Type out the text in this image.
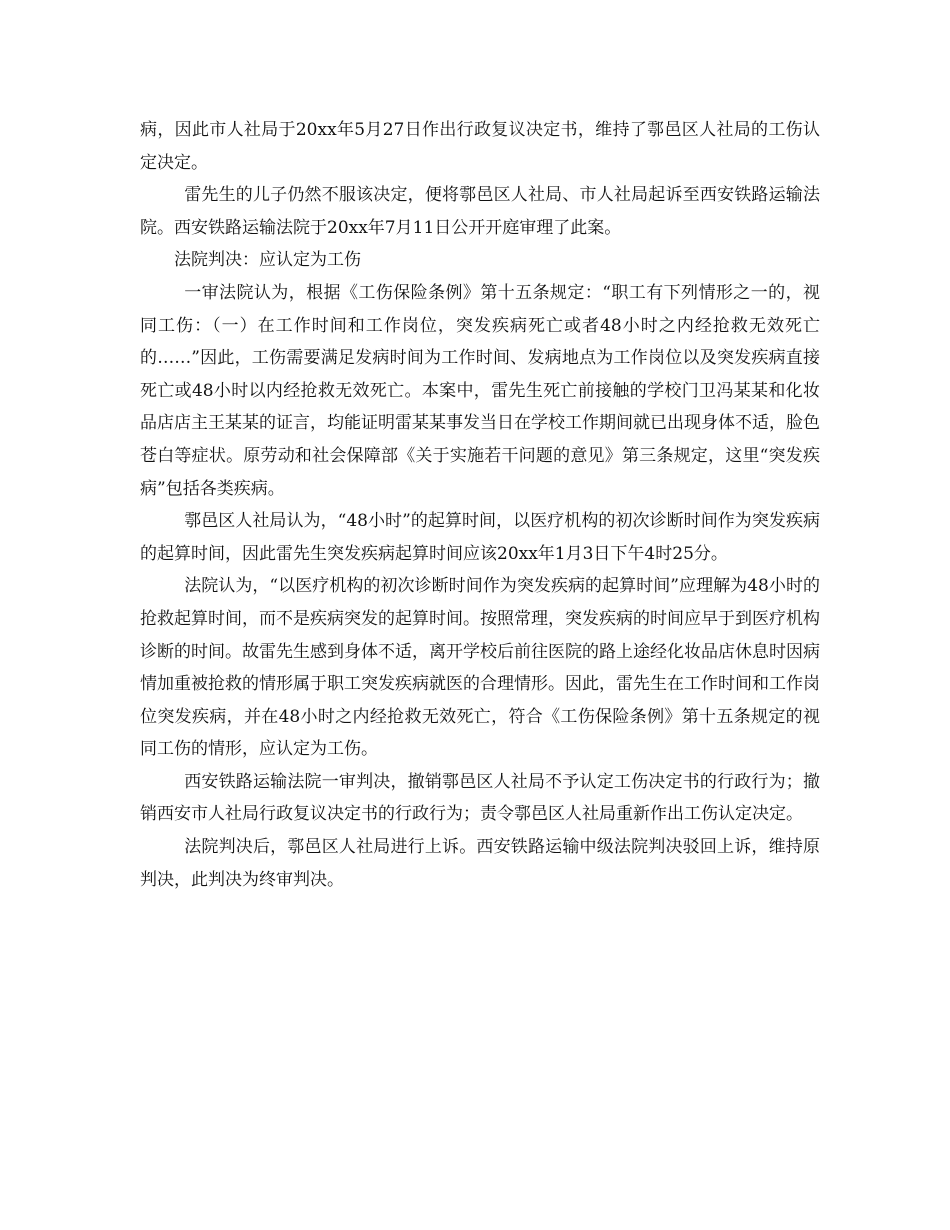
病，因此市人社局于20xx年5月27日作出行政复议决定书，维持了鄠邑区人社局的工伤认定决定。

雷先生的儿子仍然不服该决定，便将鄠邑区人社局、市人社局起诉至西安铁路运输法院。西安铁路运输法院于20xx年7月11日公开开庭审理了此案。

法院判决：应认定为工伤

一审法院认为，根据《工伤保险条例》第十五条规定：“职工有下列情形之一的，视同工伤：（一）在工作时间和工作岗位，突发疾病死亡或者48小时之内经抢救无效死亡的……”因此，工伤需要满足发病时间为工作时间、发病地点为工作岗位以及突发疾病直接死亡或48小时以内经抢救无效死亡。本案中，雷先生死亡前接触的学校门卫冯某某和化妆品店店主王某某的证言，均能证明雷某某事发当日在学校工作期间就已出现身体不适，脸色苍白等症状。原劳动和社会保障部《关于实施若干问题的意见》第三条规定，这里“突发疾病”包括各类疾病。

鄠邑区人社局认为，“48小时”的起算时间，以医疗机构的初次诊断时间作为突发疾病的起算时间，因此雷先生突发疾病起算时间应该20xx年1月3日下午4时25分。

法院认为，“以医疗机构的初次诊断时间作为突发疾病的起算时间”应理解为48小时的抢救起算时间，而不是疾病突发的起算时间。按照常理，突发疾病的时间应早于到医疗机构诊断的时间。故雷先生感到身体不适，离开学校后前往医院的路上途经化妆品店休息时因病情加重被抢救的情形属于职工突发疾病就医的合理情形。因此，雷先生在工作时间和工作岗位突发疾病，并在48小时之内经抢救无效死亡，符合《工伤保险条例》第十五条规定的视同工伤的情形，应认定为工伤。

西安铁路运输法院一审判决，撤销鄠邑区人社局不予认定工伤决定书的行政行为；撤销西安市人社局行政复议决定书的行政行为；责令鄠邑区人社局重新作出工伤认定决定。

法院判决后，鄠邑区人社局进行上诉。西安铁路运输中级法院判决驳回上诉，维持原判决，此判决为终审判决。
